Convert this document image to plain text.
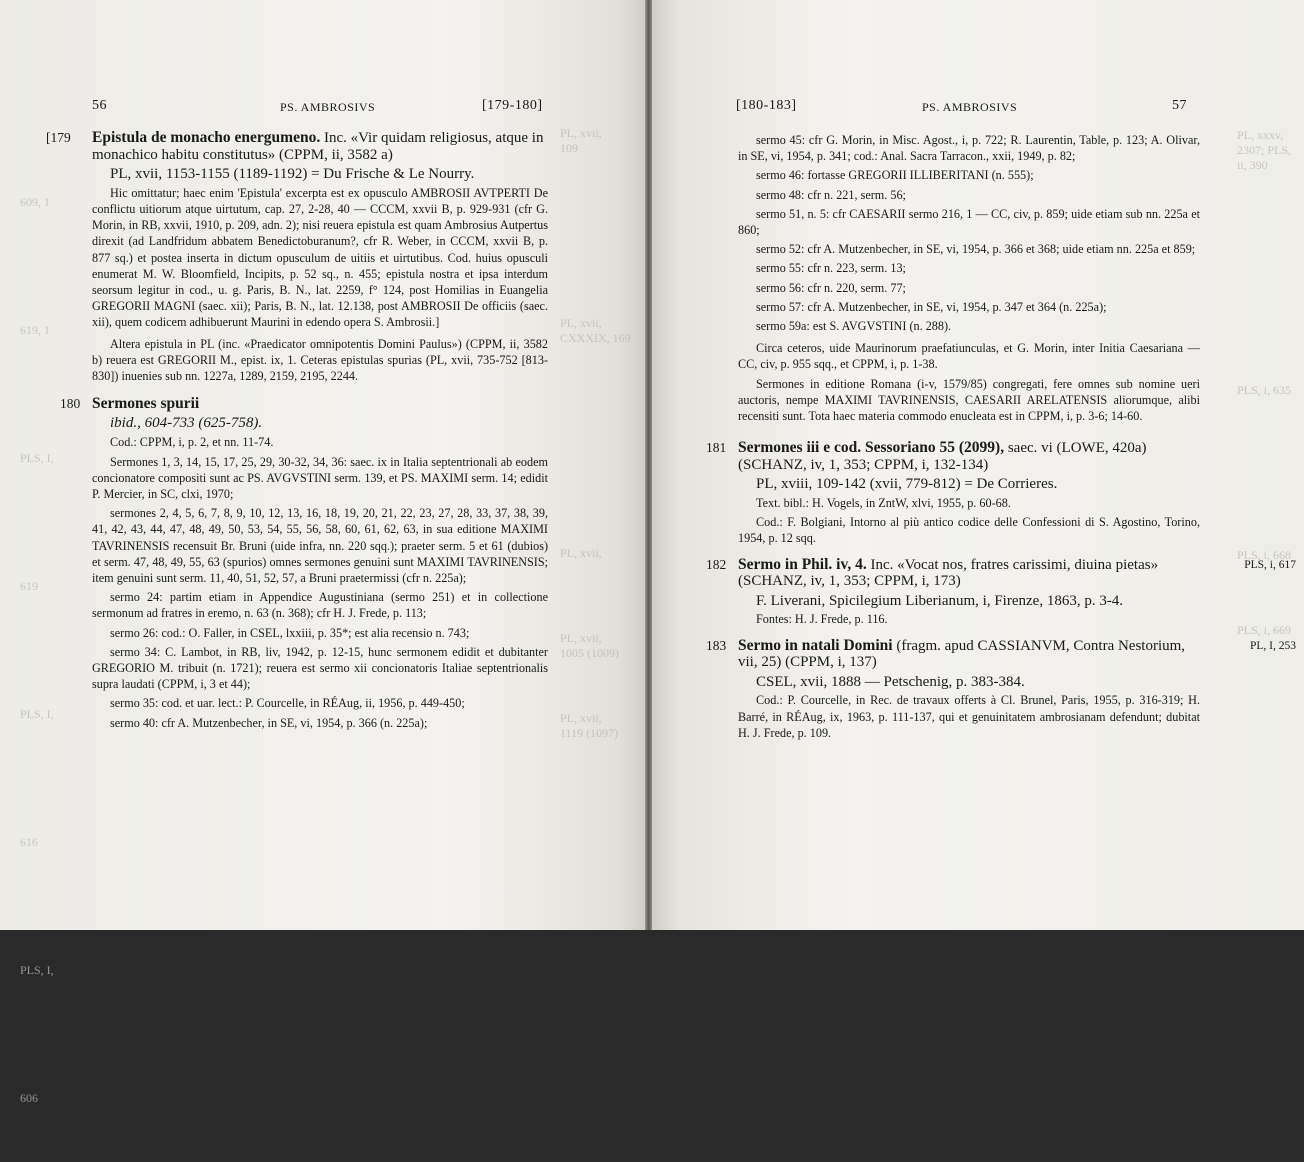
609, 1
619, 1
PLS, I, 619
PLS, I, 616
PLS, I, 606
PL, xvii,
109
PL, xvii,
CXXXIX, 169
PL, xvii,
PL, xvii,
1005 (1009)
PL, xvii,
1119 (1097)
56	PS. AMBROSIVS	[179-180]
[179 Epistula de monacho energumeno. Inc. «Vir quidam religiosus, atque in monachico habitu constitutus» (CPPM, ii, 3582 a)

PL, xvii, 1153-1155 (1189-1192) = Du Frische & Le Nourry.

Hic omittatur; haec enim 'Epistula' excerpta est ex opusculo AMBROSII AVTPERTI De conflictu uitiorum atque uirtutum, cap. 27, 2-28, 40 — CCCM, xxvii B, p. 929-931 (cfr G. Morin, in RB, xxvii, 1910, p. 209, adn. 2); nisi reuera epistula est quam Ambrosius Autpertus direxit (ad Landfridum abbatem Benedictoburanum?, cfr R. Weber, in CCCM, xxvii B, p. 877 sq.) et postea inserta in dictum opusculum de uitiis et uirtutibus. Cod. huius opusculi enumerat M. W. Bloomfield, Incipits, p. 52 sq., n. 455; epistula nostra et ipsa interdum seorsum legitur in cod., u. g. Paris, B. N., lat. 2259, f° 124, post Homilias in Euangelia GREGORII MAGNI (saec. xii); Paris, B. N., lat. 12.138, post AMBROSII De officiis (saec. xii), quem codicem adhibuerunt Maurini in edendo opera S. Ambrosii.]

Altera epistula in PL (inc. «Praedicator omnipotentis Domini Paulus») (CPPM, ii, 3582 b) reuera est GREGORII M., epist. ix, 1. Ceteras epistulas spurias (PL, xvii, 735-752 [813-830]) inuenies sub nn. 1227a, 1289, 2159, 2195, 2244.

180 Sermones spurii

ibid., 604-733 (625-758).

Cod.: CPPM, i, p. 2, et nn. 11-74.

Sermones 1, 3, 14, 15, 17, 25, 29, 30-32, 34, 36: saec. ix in Italia septentrionali ab eodem concionatore compositi sunt ac PS. AVGVSTINI serm. 139, et PS. MAXIMI serm. 14; edidit P. Mercier, in SC, clxi, 1970;

sermones 2, 4, 5, 6, 7, 8, 9, 10, 12, 13, 16, 18, 19, 20, 21, 22, 23, 27, 28, 33, 37, 38, 39, 41, 42, 43, 44, 47, 48, 49, 50, 53, 54, 55, 56, 58, 60, 61, 62, 63, in sua editione MAXIMI TAVRINENSIS recensuit Br. Bruni (uide infra, nn. 220 sqq.); praeter serm. 5 et 61 (dubios) et serm. 47, 48, 49, 55, 63 (spurios) omnes sermones genuini sunt MAXIMI TAVRINENSIS; item genuini sunt serm. 11, 40, 51, 52, 57, a Bruni praetermissi (cfr n. 225a);

sermo 24: partim etiam in Appendice Augustiniana (sermo 251) et in collectione sermonum ad fratres in eremo, n. 63 (n. 368); cfr H. J. Frede, p. 113;

sermo 26: cod.: O. Faller, in CSEL, lxxiii, p. 35*; est alia recensio n. 743;

sermo 34: C. Lambot, in RB, liv, 1942, p. 12-15, hunc sermonem edidit et dubitanter GREGORIO M. tribuit (n. 1721); reuera est sermo xii concionatoris Italiae septentrionalis supra laudati (CPPM, i, 3 et 44);

sermo 35: cod. et uar. lect.: P. Courcelle, in RÉAug, ii, 1956, p. 449-450;

sermo 40: cfr A. Mutzenbecher, in SE, vi, 1954, p. 366 (n. 225a);

PL, xxxv,
2307; PLS,
ii, 390
PLS, i, 635
PLS, i, 668
PLS, i, 669
[180-183]	PS. AMBROSIVS	57

sermo 45: cfr G. Morin, in Misc. Agost., i, p. 722; R. Laurentin, Table, p. 123; A. Olivar, in SE, vi, 1954, p. 341; cod.: Anal. Sacra Tarracon., xxii, 1949, p. 82;

sermo 46: fortasse GREGORII ILLIBERITANI (n. 555);

sermo 48: cfr n. 221, serm. 56;

sermo 51, n. 5: cfr CAESARII sermo 216, 1 — CC, civ, p. 859; uide etiam sub nn. 225a et 860;

sermo 52: cfr A. Mutzenbecher, in SE, vi, 1954, p. 366 et 368; uide etiam nn. 225a et 859;

sermo 55: cfr n. 223, serm. 13;

sermo 56: cfr n. 220, serm. 77;

sermo 57: cfr A. Mutzenbecher, in SE, vi, 1954, p. 347 et 364 (n. 225a);

sermo 59a: est S. AVGVSTINI (n. 288).

Circa ceteros, uide Maurinorum praefatiunculas, et G. Morin, inter Initia Caesariana — CC, civ, p. 955 sqq., et CPPM, i, p. 1-38.

Sermones in editione Romana (i-v, 1579/85) congregati, fere omnes sub nomine ueri auctoris, nempe MAXIMI TAVRINENSIS, CAESARII ARELATENSIS aliorumque, alibi recensiti sunt. Tota haec materia commodo enucleata est in CPPM, i, p. 3-6; 14-60.

181 Sermones iii e cod. Sessoriano 55 (2099), saec. vi (LOWE, 420a) (SCHANZ, iv, 1, 353; CPPM, i, 132-134)

PL, xviii, 109-142 (xvii, 779-812) = De Corrieres.

Text. bibl.: H. Vogels, in ZntW, xlvi, 1955, p. 60-68.

Cod.: F. Bolgiani, Intorno al più antico codice delle Confessioni di S. Agostino, Torino, 1954, p. 12 sqq.

182	PLS, i, 617

Sermo in Phil. iv, 4. Inc. «Vocat nos, fratres carissimi, diuina pietas» (SCHANZ, iv, 1, 353; CPPM, i, 173)

F. Liverani, Spicilegium Liberianum, i, Firenze, 1863, p. 3-4.

Fontes: H. J. Frede, p. 116.

183	PL, I, 253

Sermo in natali Domini (fragm. apud CASSIANVM, Contra Nestorium, vii, 25) (CPPM, i, 137)

CSEL, xvii, 1888 — Petschenig, p. 383-384.

Cod.: P. Courcelle, in Rec. de travaux offerts à Cl. Brunel, Paris, 1955, p. 316-319; H. Barré, in RÉAug, ix, 1963, p. 111-137, qui et genuinitatem ambrosianam defendunt; dubitat H. J. Frede, p. 109.
